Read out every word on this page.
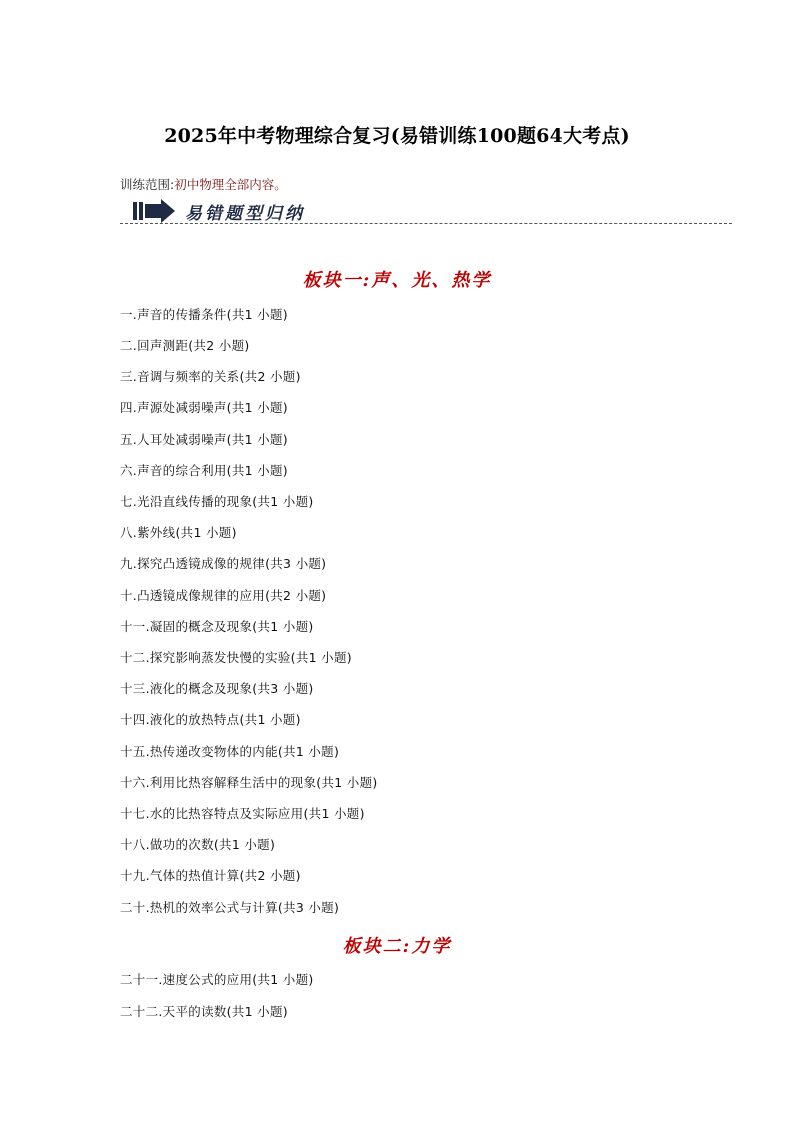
2025年中考物理综合复习(易错训练100题64大考点)
训练范围:初中物理全部内容。
易错题型归纳
板块一:声、光、热学
一.声音的传播条件(共1 小题)
二.回声测距(共2 小题)
三.音调与频率的关系(共2 小题)
四.声源处减弱噪声(共1 小题)
五.人耳处减弱噪声(共1 小题)
六.声音的综合利用(共1 小题)
七.光沿直线传播的现象(共1 小题)
八.紫外线(共1 小题)
九.探究凸透镜成像的规律(共3 小题)
十.凸透镜成像规律的应用(共2 小题)
十一.凝固的概念及现象(共1 小题)
十二.探究影响蒸发快慢的实验(共1 小题)
十三.液化的概念及现象(共3 小题)
十四.液化的放热特点(共1 小题)
十五.热传递改变物体的内能(共1 小题)
十六.利用比热容解释生活中的现象(共1 小题)
十七.水的比热容特点及实际应用(共1 小题)
十八.做功的次数(共1 小题)
十九.气体的热值计算(共2 小题)
二十.热机的效率公式与计算(共3 小题)
板块二:力学
二十一.速度公式的应用(共1 小题)
二十二.天平的读数(共1 小题)
